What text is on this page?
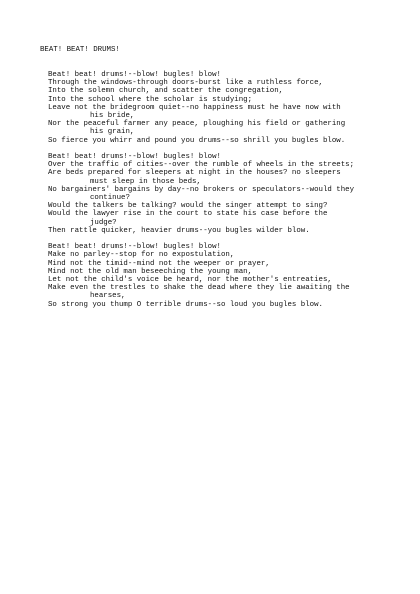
BEAT! BEAT! DRUMS!
Beat! beat! drums!--blow! bugles! blow!
Through the windows-through doors-burst like a ruthless force,
Into the solemn church, and scatter the congregation,
Into the school where the scholar is studying;
Leave not the bridegroom quiet--no happiness must he have now with
his bride,
Nor the peaceful farmer any peace, ploughing his field or gathering
his grain,
So fierce you whirr and pound you drums--so shrill you bugles blow.
Beat! beat! drums!--blow! bugles! blow!
Over the traffic of cities--over the rumble of wheels in the streets;
Are beds prepared for sleepers at night in the houses? no sleepers
must sleep in those beds,
No bargainers' bargains by day--no brokers or speculators--would they
continue?
Would the talkers be talking? would the singer attempt to sing?
Would the lawyer rise in the court to state his case before the
judge?
Then rattle quicker, heavier drums--you bugles wilder blow.
Beat! beat! drums!--blow! bugles! blow!
Make no parley--stop for no expostulation,
Mind not the timid--mind not the weeper or prayer,
Mind not the old man beseeching the young man,
Let not the child's voice be heard, nor the mother's entreaties,
Make even the trestles to shake the dead where they lie awaiting the
hearses,
So strong you thump O terrible drums--so loud you bugles blow.
